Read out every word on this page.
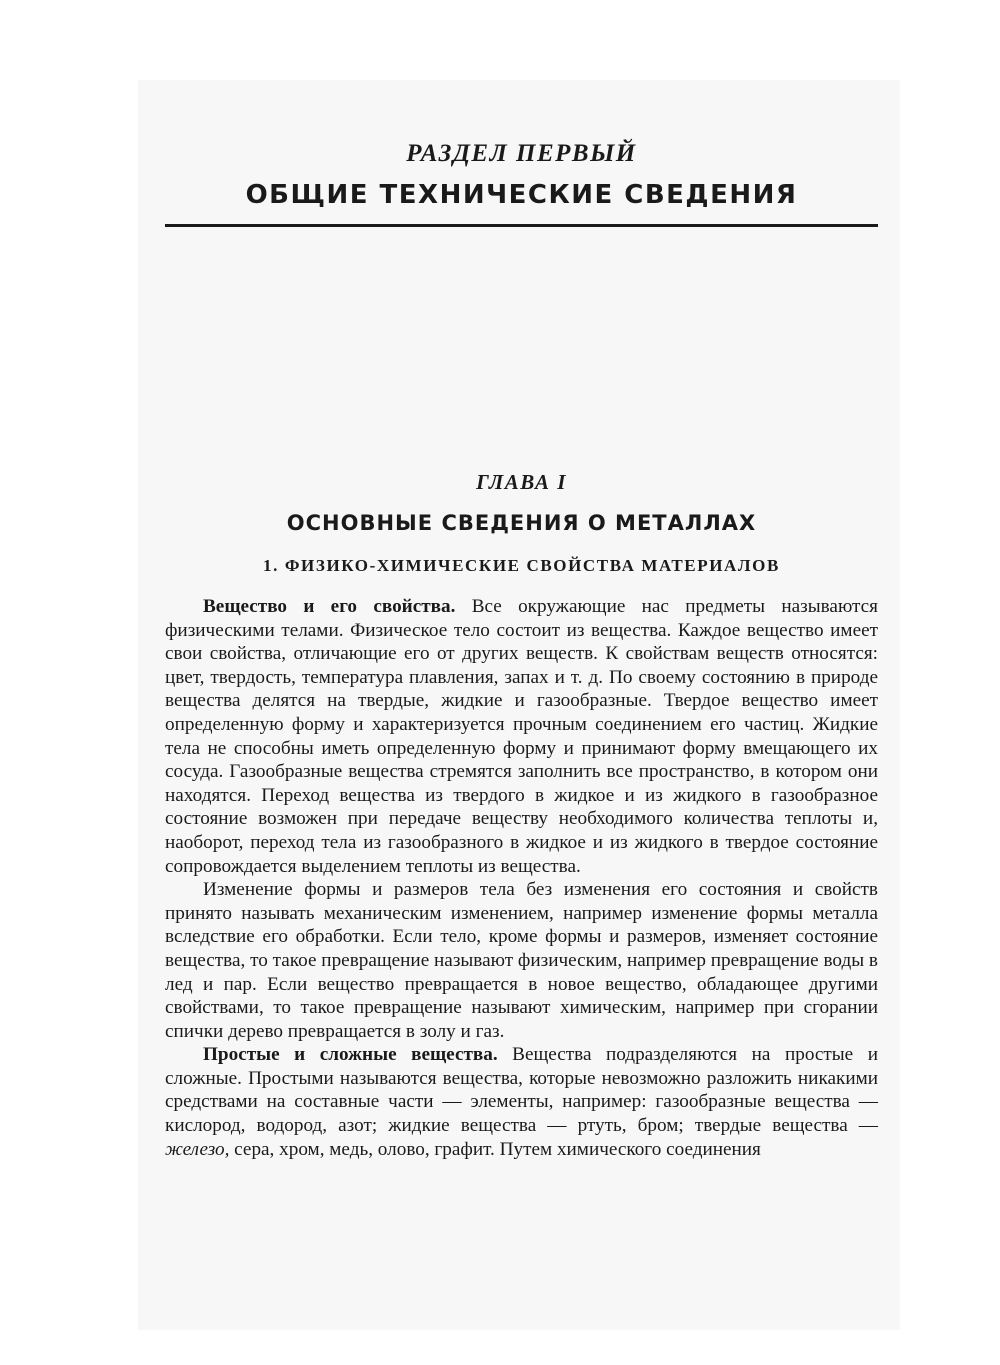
РАЗДЕЛ ПЕРВЫЙ
ОБЩИЕ ТЕХНИЧЕСКИЕ СВЕДЕНИЯ
ГЛАВА I
ОСНОВНЫЕ СВЕДЕНИЯ О МЕТАЛЛАХ
1. ФИЗИКО-ХИМИЧЕСКИЕ СВОЙСТВА МАТЕРИАЛОВ

Вещество и его свойства. Все окружающие нас предметы называются физическими телами. Физическое тело состоит из вещества. Каждое вещество имеет свои свойства, отличающие его от других веществ. К свойствам веществ относятся: цвет, твердость, температура плавления, запах и т. д. По своему состоянию в природе вещества делятся на твердые, жидкие и газообразные. Твердое вещество имеет определенную форму и характеризуется прочным соединением его частиц. Жидкие тела не способны иметь определенную форму и принимают форму вмещающего их сосуда. Газообразные вещества стремятся заполнить все пространство, в котором они находятся. Переход вещества из твердого в жидкое и из жидкого в газообразное состояние возможен при передаче веществу необходимого количества теплоты и, наоборот, переход тела из газообразного в жидкое и из жидкого в твердое состояние сопровождается выделением теплоты из вещества.

Изменение формы и размеров тела без изменения его состояния и свойств принято называть механическим изменением, например изменение формы металла вследствие его обработки. Если тело, кроме формы и размеров, изменяет состояние вещества, то такое превращение называют физическим, например превращение воды в лед и пар. Если вещество превращается в новое вещество, обладающее другими свойствами, то такое превращение называют химическим, например при сгорании спички дерево превращается в золу и газ.

Простые и сложные вещества. Вещества подразделяются на простые и сложные. Простыми называются вещества, которые невозможно разложить никакими средствами на составные части — элементы, например: газообразные вещества — кислород, водород, азот; жидкие вещества — ртуть, бром; твердые вещества — железо, сера, хром, медь, олово, графит. Путем химического соединения
